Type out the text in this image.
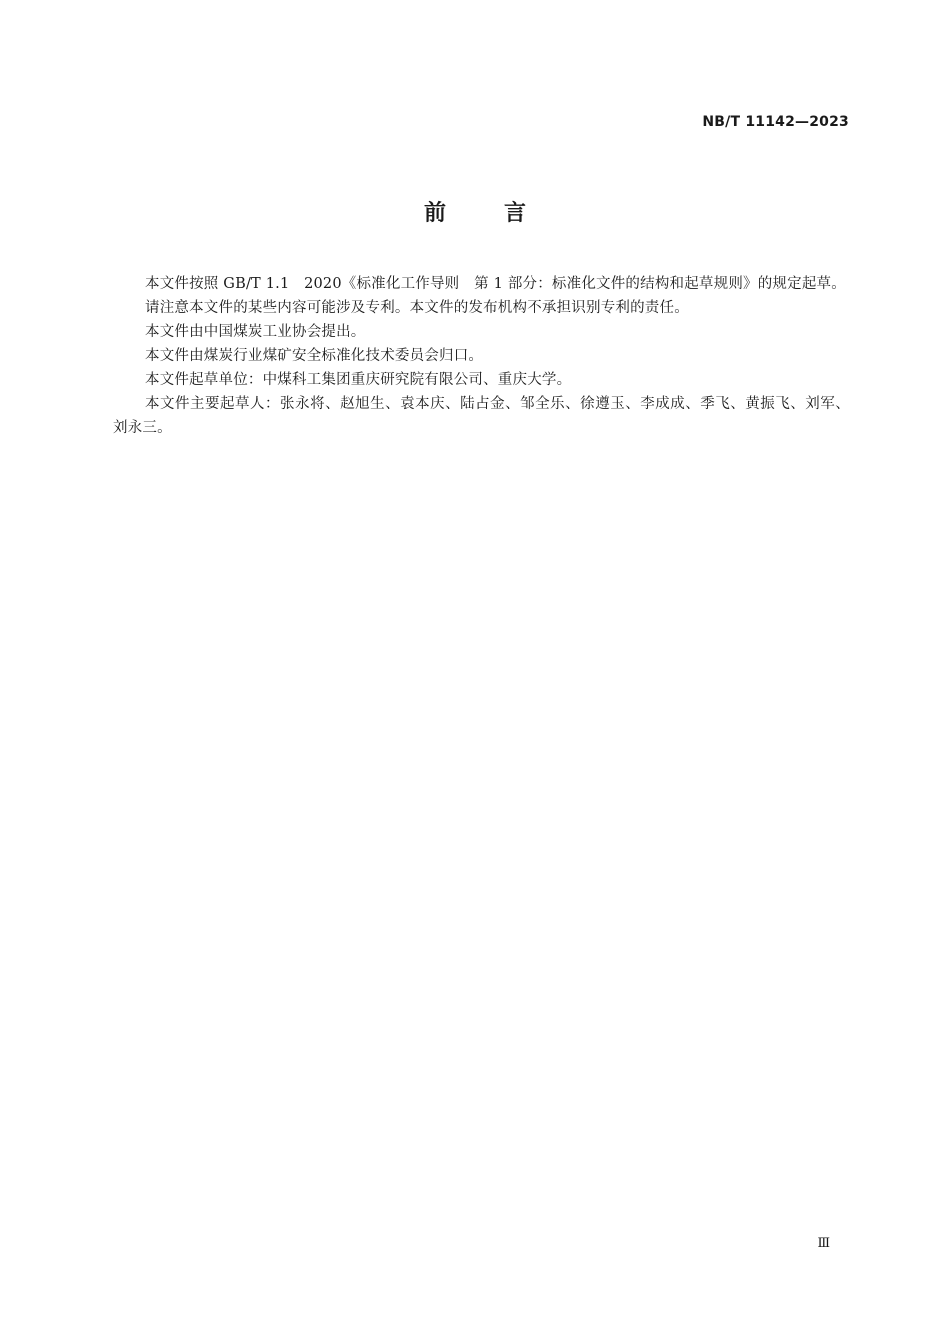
NB/T 11142—2023
前言

本文件按照 GB/T 1.1　2020《标准化工作导则　第 1 部分：标准化文件的结构和起草规则》的规定起草。

请注意本文件的某些内容可能涉及专利。本文件的发布机构不承担识别专利的责任。

本文件由中国煤炭工业协会提出。

本文件由煤炭行业煤矿安全标准化技术委员会归口。

本文件起草单位：中煤科工集团重庆研究院有限公司、重庆大学。

本文件主要起草人：张永将、赵旭生、袁本庆、陆占金、邹全乐、徐遵玉、李成成、季飞、黄振飞、刘军、刘永三。

Ⅲ
